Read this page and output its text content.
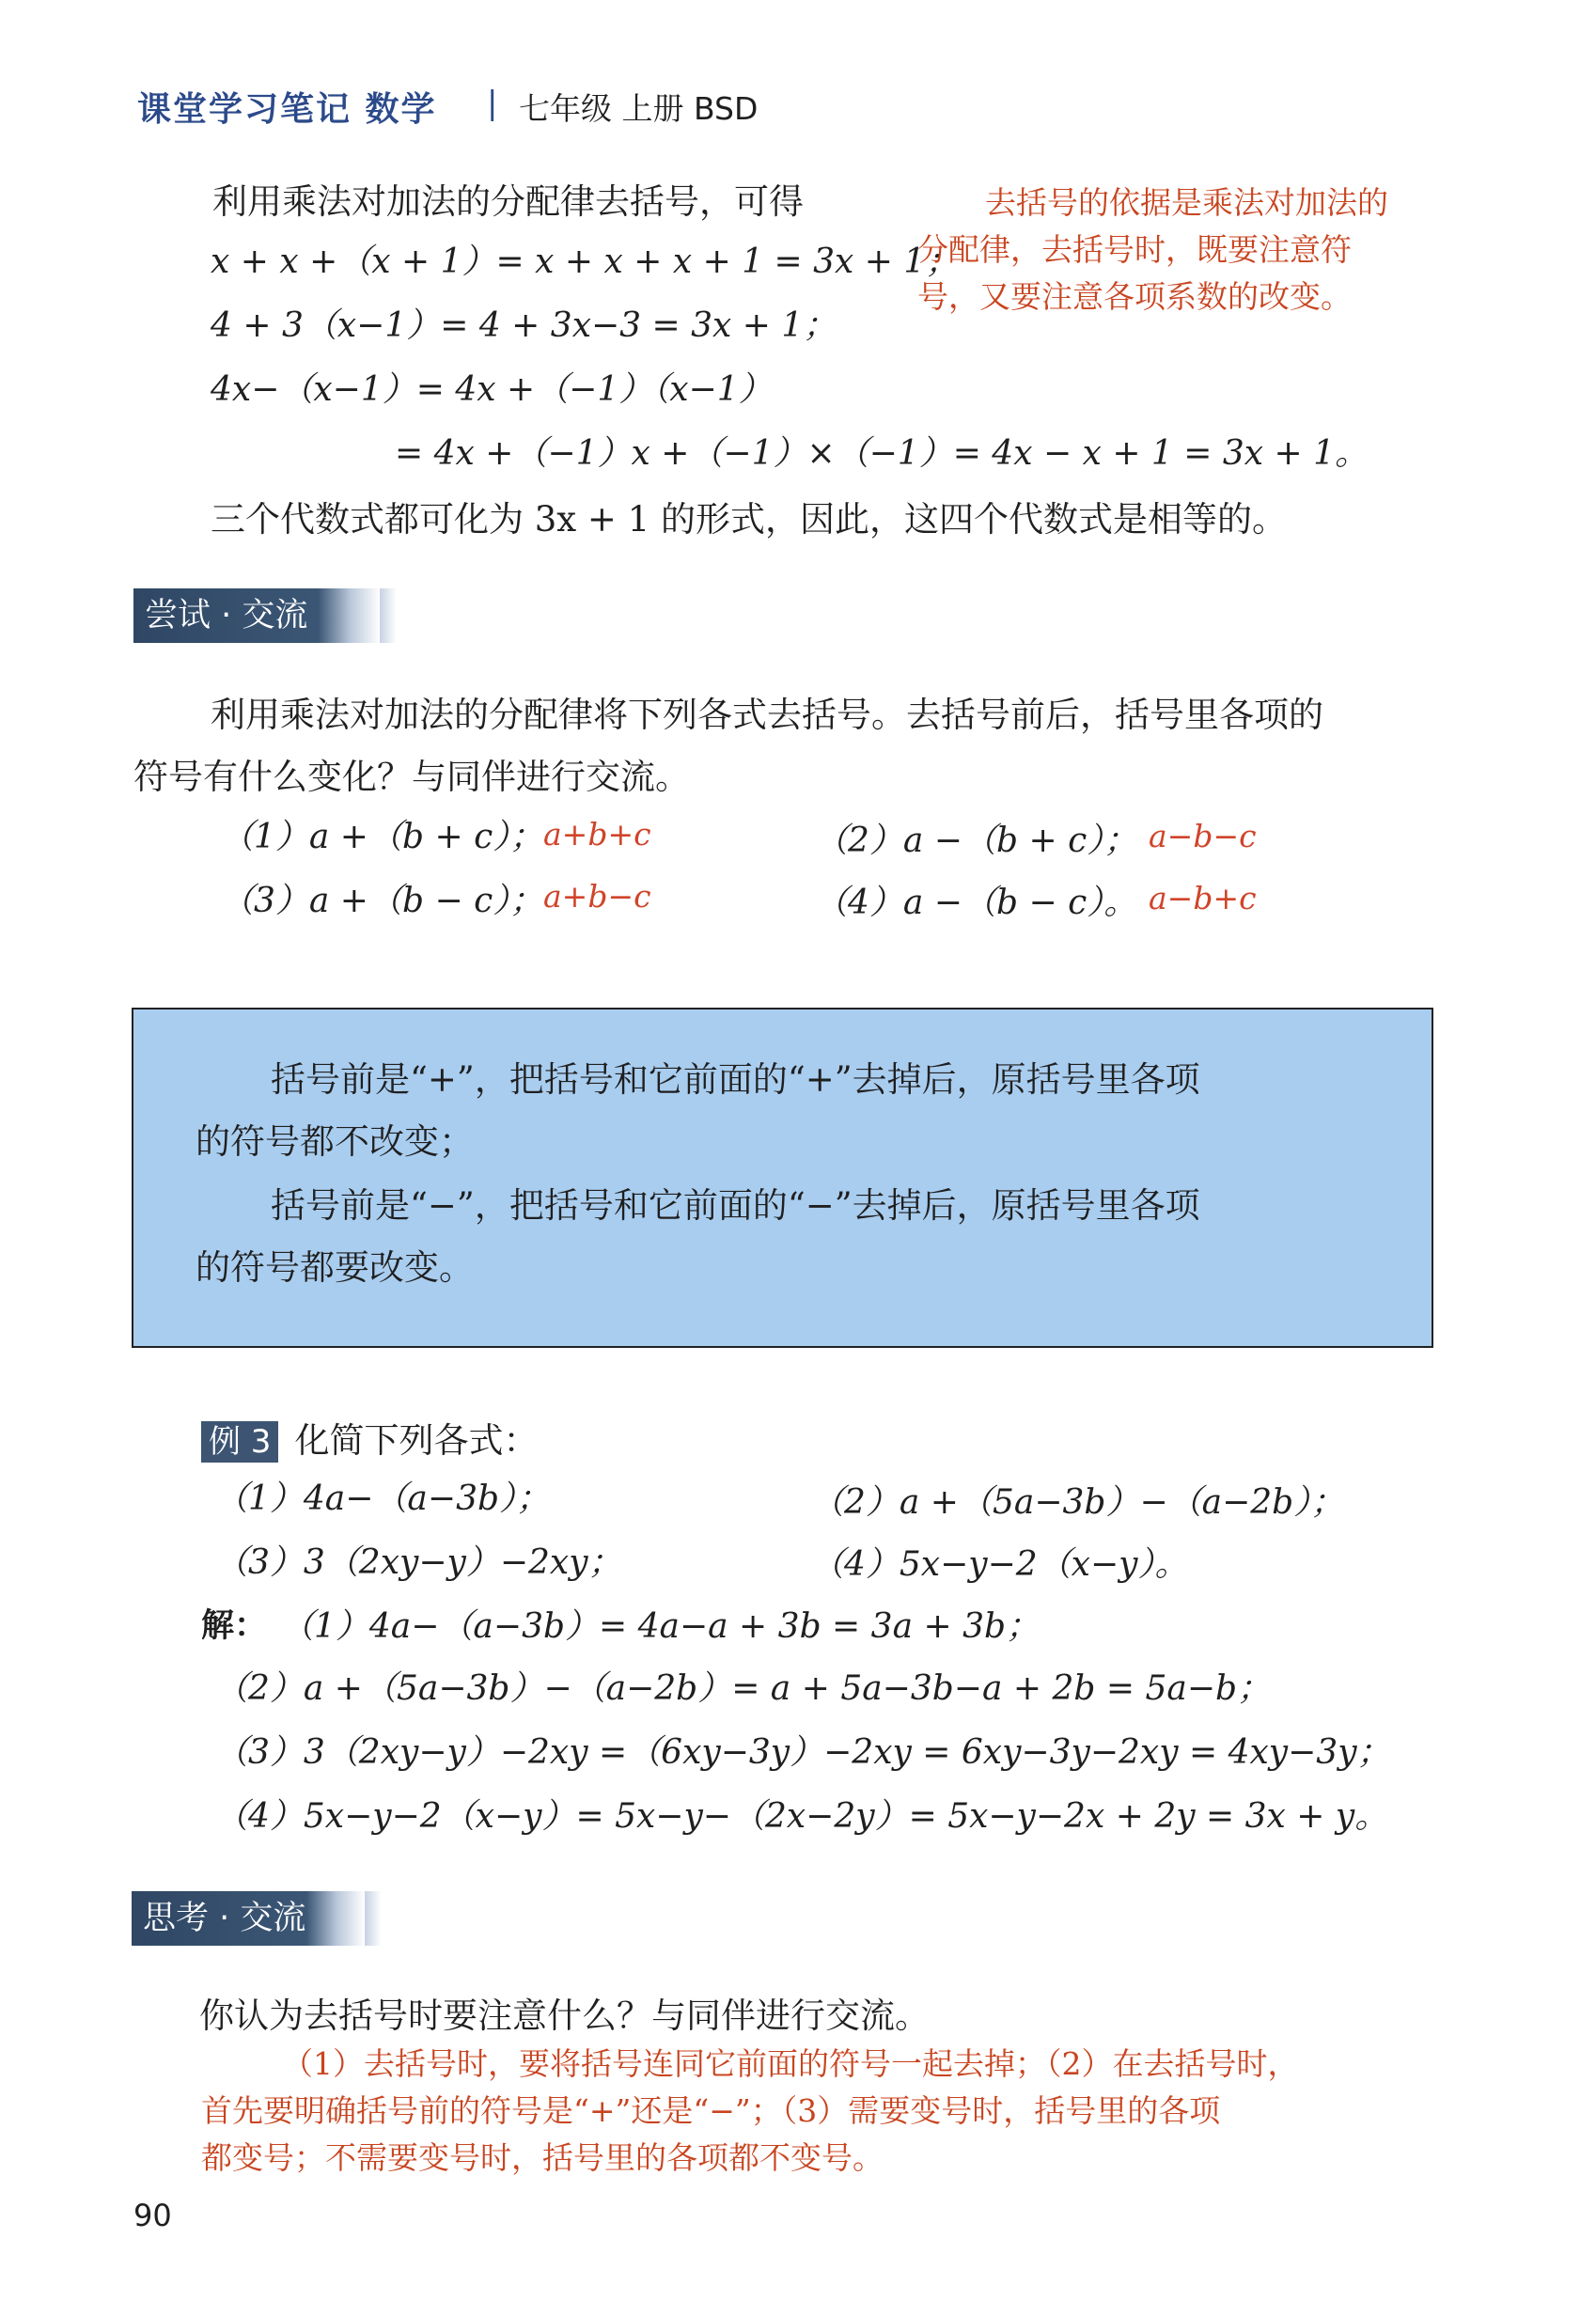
课堂学习笔记 数学 | 七年级 上册 BSD
利用乘法对加法的分配律去括号，可得
x + x +（x + 1）= x + x + x + 1 = 3x + 1；
4 + 3（x−1）= 4 + 3x−3 = 3x + 1；
4x−（x−1）= 4x +（−1）（x−1）
= 4x +（−1）x +（−1）×（−1）= 4x − x + 1 = 3x + 1。
三个代数式都可化为 3x + 1 的形式，因此，这四个代数式是相等的。
去括号的依据是乘法对加法的
分配律，去括号时，既要注意符
号，又要注意各项系数的改变。
尝试 · 交流
利用乘法对加法的分配律将下列各式去括号。去括号前后，括号里各项的
符号有什么变化？与同伴进行交流。
（1）a +（b + c）； a+b+c	（2）a −（b + c）； a−b−c
（3）a +（b − c）； a+b−c	（4）a −（b − c）。 a−b+c
括号前是“+”，把括号和它前面的“+”去掉后，原括号里各项
的符号都不改变；
括号前是“−”，把括号和它前面的“−”去掉后，原括号里各项
的符号都要改变。
例 3 化简下列各式：
（1）4a−（a−3b）；	（2）a +（5a−3b）−（a−2b）；
（3）3（2xy−y）−2xy；	（4）5x−y−2（x−y）。
解： （1）4a−（a−3b）= 4a−a + 3b = 3a + 3b；
（2）a +（5a−3b）−（a−2b）= a + 5a−3b−a + 2b = 5a−b；
（3）3（2xy−y）−2xy =（6xy−3y）−2xy = 6xy−3y−2xy = 4xy−3y；
（4）5x−y−2（x−y）= 5x−y−（2x−2y）= 5x−y−2x + 2y = 3x + y。
思考 · 交流
你认为去括号时要注意什么？与同伴进行交流。
（1）去括号时，要将括号连同它前面的符号一起去掉；（2）在去括号时，
首先要明确括号前的符号是“+”还是“−”；（3）需要变号时，括号里的各项
都变号；不需要变号时，括号里的各项都不变号。
90
